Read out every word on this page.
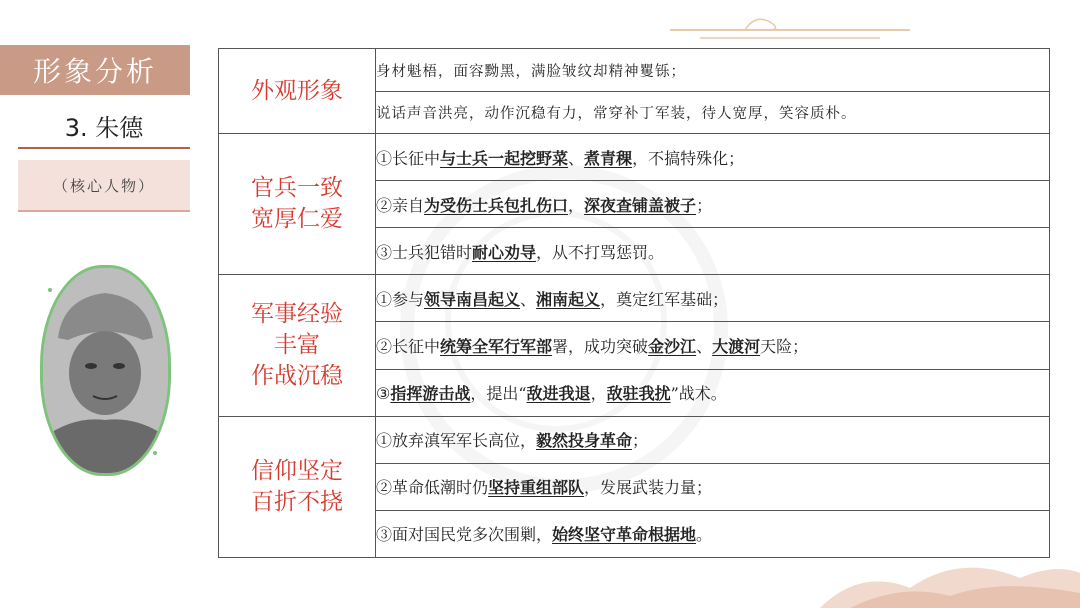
形象分析
3. 朱德
（核心人物）
外观形象	身材魁梧，面容黝黑，满脸皱纹却精神矍铄；
	说话声音洪亮，动作沉稳有力，常穿补丁军装，待人宽厚，笑容质朴。

官兵一致
宽厚仁爱	①长征中与士兵一起挖野菜、煮青稞，不搞特殊化；
	②亲自为受伤士兵包扎伤口，深夜查铺盖被子；
	③士兵犯错时耐心劝导，从不打骂惩罚。

军事经验
丰富
作战沉稳	①参与领导南昌起义、湘南起义，奠定红军基础；
	②长征中统筹全军行军部署，成功突破金沙江、大渡河天险；
	③指挥游击战，提出“敌进我退，敌驻我扰”战术。

信仰坚定
百折不挠	①放弃滇军军长高位，毅然投身革命；
	②革命低潮时仍坚持重组部队，发展武装力量；
	③面对国民党多次围剿，始终坚守革命根据地。
